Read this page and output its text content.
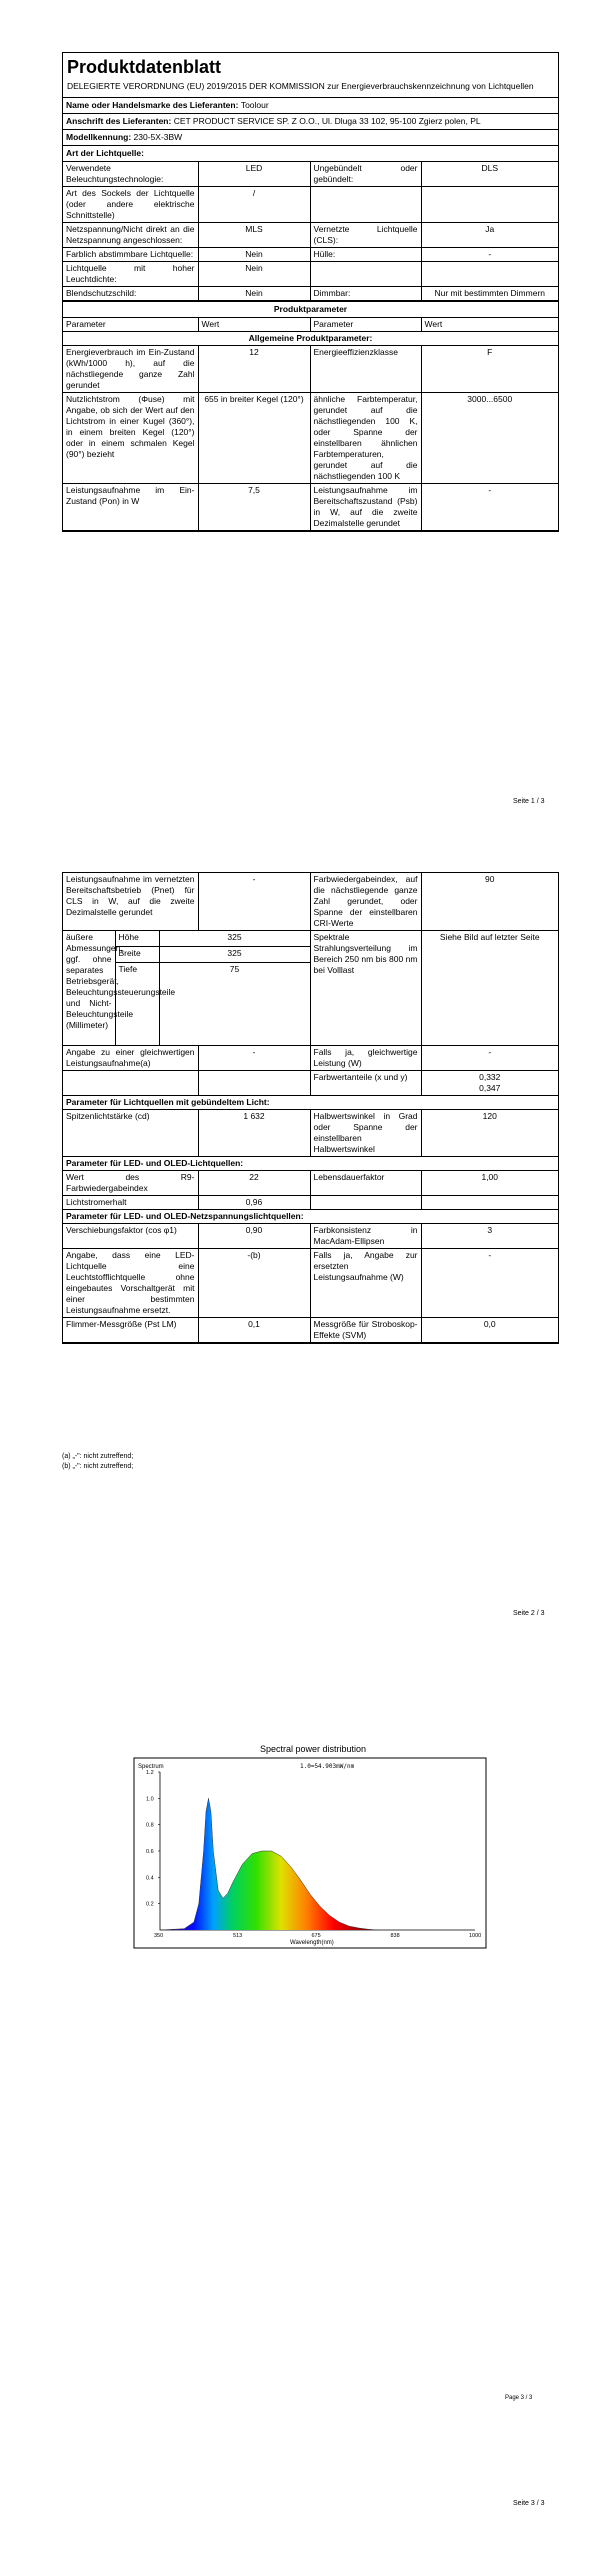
Produktdatenblatt
DELEGIERTE VERORDNUNG (EU) 2019/2015 DER KOMMISSION zur Energieverbrauchskennzeichnung von Lichtquellen
Name oder Handelsmarke des Lieferanten: Toolour
Anschrift des Lieferanten: CET PRODUCT SERVICE SP. Z O.O., Ul. Dluga 33 102, 95-100 Zgierz polen, PL
Modellkennung: 230-5X-3BW
Art der Lichtquelle:
Verwendete Beleuchtungstechnologie:	LED	Ungebündelt oder gebündelt:	DLS
Art des Sockels der Lichtquelle (oder andere elektrische Schnittstelle)	/		
Netzspannung/Nicht direkt an die Netzspannung angeschlossen:	MLS	Vernetzte Lichtquelle (CLS):	Ja
Farblich abstimmbare Lichtquelle:	Nein	Hülle:	-
Lichtquelle mit hoher Leuchtdichte:	Nein		
Blendschutzschild:	Nein	Dimmbar:	Nur mit bestimmten Dimmern
Produktparameter
Parameter	Wert	Parameter	Wert
Allgemeine Produktparameter:			
Energieverbrauch im Ein-Zustand (kWh/1000 h), auf die nächstliegende ganze Zahl gerundet	12	Energieeffizienzklasse	F
Nutzlichtstrom (Φuse) mit Angabe, ob sich der Wert auf den Lichtstrom in einer Kugel (360°), in einem breiten Kegel (120°) oder in einem schmalen Kegel (90°) bezieht	655 in breiter Kegel (120°)	ähnliche Farbtemperatur, gerundet auf die nächstliegenden 100 K, oder Spanne der einstellbaren ähnlichen Farbtemperaturen, gerundet auf die nächstliegenden 100 K	3000...6500
Leistungsaufnahme im Ein-Zustand (Pon) in W	7,5	Leistungsaufnahme im Bereitschaftszustand (Psb) in W, auf die zweite Dezimalstelle gerundet	-
Seite 1 / 3
Leistungsaufnahme im vernetzten Bereitschaftsbetrieb (Pnet) für CLS in W, auf die zweite Dezimalstelle gerundet	-	Farbwiedergabeindex, auf die nächstliegende ganze Zahl gerundet, oder Spanne der einstellbaren CRI-Werte	90
äußere Abmessungen, ggf. ohne separates Betriebsgerät, Beleuchtungssteuerungsteile und Nicht-Beleuchtungsteile (Millimeter)	Höhe	325	Spektrale Strahlungsverteilung im Bereich 250 nm bis 800 nm bei Volllast	Siehe Bild auf letzter Seite
	Breite	325		
	Tiefe	75		
Angabe zu einer gleichwertigen Leistungsaufnahme(a)	-	Falls ja, gleichwertige Leistung (W)	-
		Farbwertanteile (x und y)	0,332
0,347

Parameter für Lichtquellen mit gebündeltem Licht:			
Spitzenlichtstärke (cd)	1 632	Halbwertswinkel in Grad oder Spanne der einstellbaren Halbwertswinkel	120
Parameter für LED- und OLED-Lichtquellen:			
Wert des R9-Farbwiedergabeindex	22	Lebensdauerfaktor	1,00
Lichtstromerhalt	0,96		
Parameter für LED- und OLED-Netzspannungslichtquellen:			
Verschiebungsfaktor (cos φ1)	0,90	Farbkonsistenz in MacAdam-Ellipsen	3
Angabe, dass eine LED-Lichtquelle eine Leuchtstofflichtquelle ohne eingebautes Vorschaltgerät mit einer bestimmten Leistungsaufnahme ersetzt.	-(b)	Falls ja, Angabe zur ersetzten Leistungsaufnahme (W)	-
Flimmer-Messgröße (Pst LM)	0,1	Messgröße für Stroboskop-Effekte (SVM)	0,0
(a) „-": nicht zutreffend;
(b) „-": nicht zutreffend;
Seite 2 / 3
Spectral power distribution
0.2
0.4
0.6
0.8
1.0
1.2
350	513	675	838	1000
Spectrum	1.0=54.903mW/nm
Wavelength(nm)
Page 3 / 3
Seite 3 / 3
